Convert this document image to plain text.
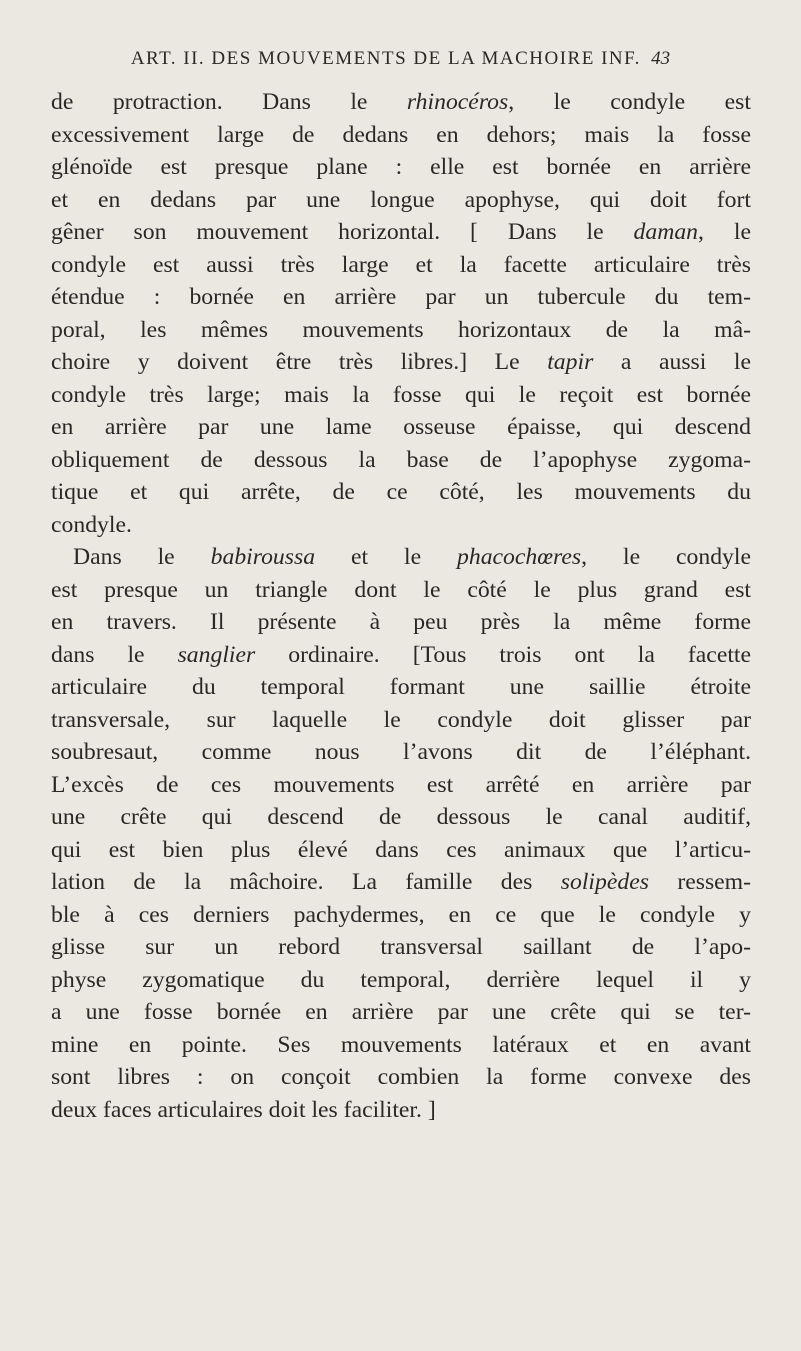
ART. II. DES MOUVEMENTS DE LA MACHOIRE INF. 43
de protraction. Dans le rhinocéros, le condyle est
excessivement large de dedans en dehors; mais la fosse
glénoïde est presque plane : elle est bornée en arrière
et en dedans par une longue apophyse, qui doit fort
gêner son mouvement horizontal. [ Dans le daman, le
condyle est aussi très large et la facette articulaire très
étendue : bornée en arrière par un tubercule du tem-
poral, les mêmes mouvements horizontaux de la mâ-
choire y doivent être très libres.] Le tapir a aussi le
condyle très large; mais la fosse qui le reçoit est bornée
en arrière par une lame osseuse épaisse, qui descend
obliquement de dessous la base de l’apophyse zygoma-
tique et qui arrête, de ce côté, les mouvements du
condyle.
Dans le babiroussa et le phacochœres, le condyle
est presque un triangle dont le côté le plus grand est
en travers. Il présente à peu près la même forme
dans le sanglier ordinaire. [Tous trois ont la facette
articulaire du temporal formant une saillie étroite
transversale, sur laquelle le condyle doit glisser par
soubresaut, comme nous l’avons dit de l’éléphant.
L’excès de ces mouvements est arrêté en arrière par
une crête qui descend de dessous le canal auditif,
qui est bien plus élevé dans ces animaux que l’articu-
lation de la mâchoire. La famille des solipèdes ressem-
ble à ces derniers pachydermes, en ce que le condyle y
glisse sur un rebord transversal saillant de l’apo-
physe zygomatique du temporal, derrière lequel il y
a une fosse bornée en arrière par une crête qui se ter-
mine en pointe. Ses mouvements latéraux et en avant
sont libres : on conçoit combien la forme convexe des
deux faces articulaires doit les faciliter. ]
